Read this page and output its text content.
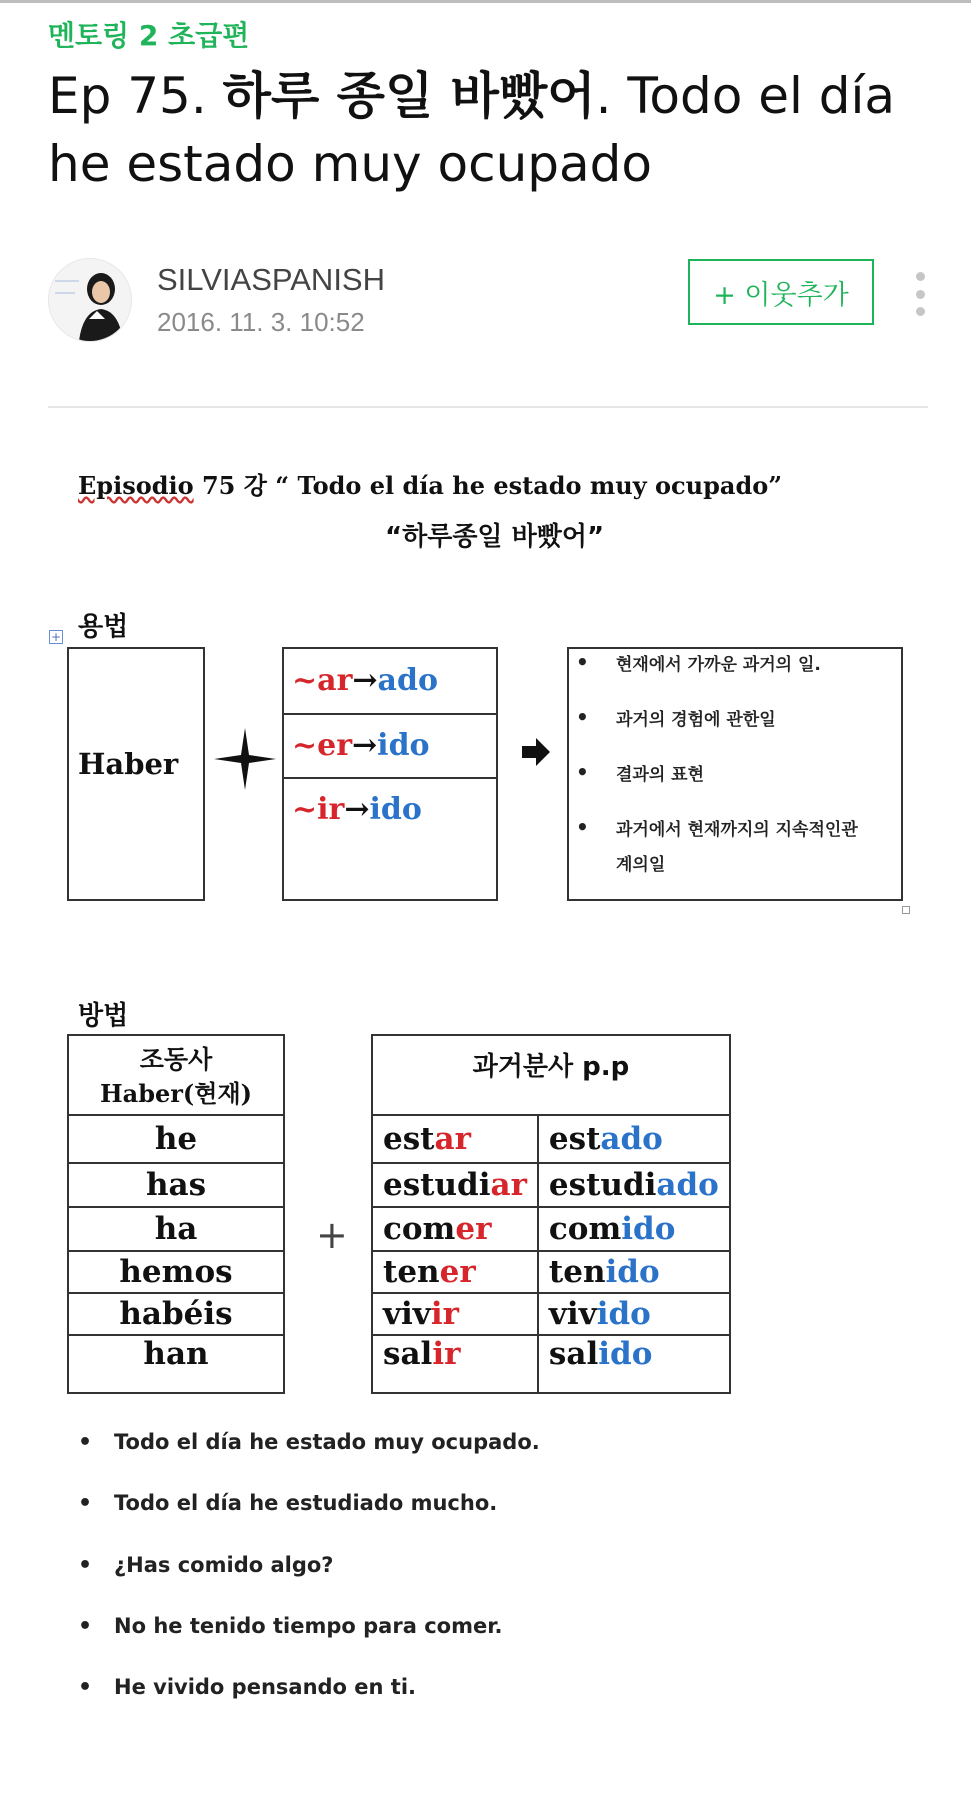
멘토링 2 초급편
Ep 75. 하루 종일 바빴어. Todo el día he estado muy ocupado
SILVIASPANISH
2016. 11. 3. 10:52
+ 이웃추가
Episodio 75 강 “ Todo el día he estado muy ocupado”
“하루종일 바빴어”
+ 용법
Haber
~ar→ado
~er→ido
~ir→ido
• 현재에서 가까운 과거의 일.
• 과거의 경험에 관한일
• 결과의 표현
• 과거에서 현재까지의 지속적인관
계의일
방법
조동사
Haber(현재)

he
has
ha
hemos
habéis
han
+
과거분사 p.p	
estar	estado
estudiar	estudiado
comer	comido
tener	tenido
vivir	vivido
salir	salido
• Todo el día he estado muy ocupado.
• Todo el día he estudiado mucho.
• ¿Has comido algo?
• No he tenido tiempo para comer.
• He vivido pensando en ti.
